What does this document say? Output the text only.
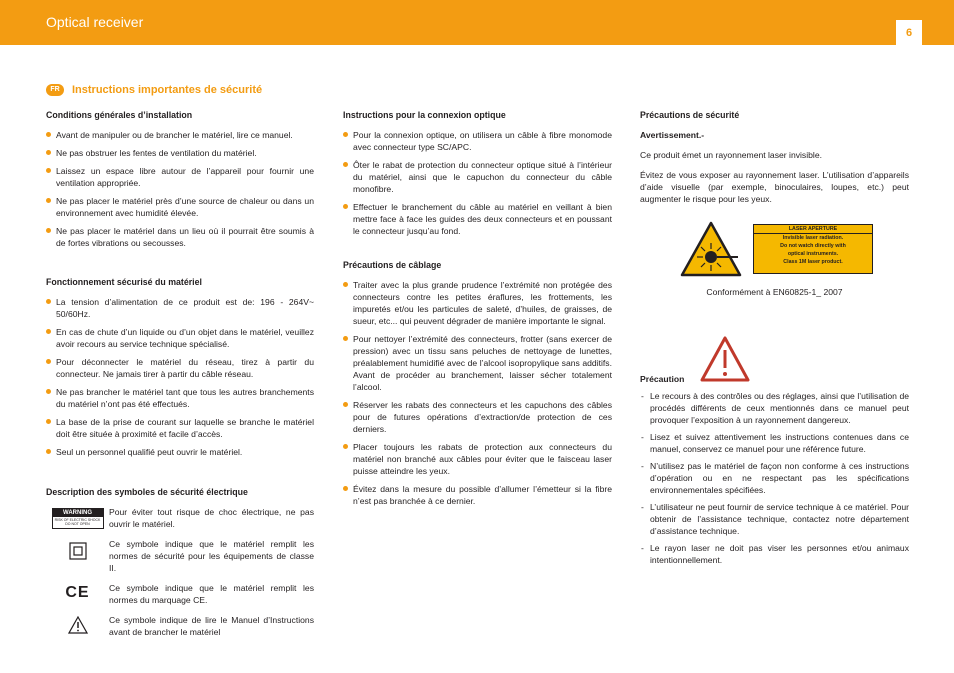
Optical receiver
6
FR	Instructions importantes de sécurité
Conditions générales d’installation
Avant de manipuler ou de brancher le matériel, lire ce manuel.
Ne pas obstruer les fentes de ventilation du matériel.
Laissez un espace libre autour de l’appareil pour fournir une ventilation appropriée.
Ne pas placer le matériel près d’une source de chaleur ou dans un environnement avec humidité élevée.
Ne pas placer le matériel dans un lieu où il pourrait être soumis à de fortes vibrations ou secousses.
Fonctionnement sécurisé du matériel
La tension d’alimentation de ce produit est de: 196 - 264V~ 50/60Hz.
En cas de chute d’un liquide ou d’un objet dans le matériel, veuillez avoir recours au service technique spécialisé.
Pour déconnecter le matériel du réseau, tirez à partir du connecteur. Ne jamais tirer à partir du câble réseau.
Ne pas brancher le matériel tant que tous les autres branchements du matériel n’ont pas été effectués.
La base de la prise de courant sur laquelle se branche le matériel doit être située à proximité et facile d’accès.
Seul un personnel qualifié peut ouvrir le matériel.
Description des symboles de sécurité électrique
WARNING
RISK OF ELECTRIC SHOCK
DO NOT OPEN
Pour éviter tout risque de choc électrique, ne pas ouvrir le matériel.
Ce symbole indique que le matériel remplit les normes de sécurité pour les équipements de classe II.
CE Ce symbole indique que le matériel remplit les normes du marquage CE.
Ce symbole indique de lire le Manuel d’Instructions avant de brancher le matériel
Instructions pour la connexion optique
Pour la connexion optique, on utilisera un câble à fibre monomode avec connecteur type SC/APC.
Ôter le rabat de protection du connecteur optique situé à l’intérieur du matériel, ainsi que le capuchon du connecteur du câble monofibre.
Effectuer le branchement du câble au matériel en veillant à bien mettre face à face les guides des deux connecteurs et en poussant le connecteur jusqu’au fond.
Précautions de câblage
Traiter avec la plus grande prudence l’extrémité non protégée des connecteurs contre les petites éraflures, les frottements, les impuretés et/ou les particules de saleté, d’huiles, de graisses, de sueur, etc... qui peuvent dégrader de manière importante le signal.
Pour nettoyer l’extrémité des connecteurs, frotter (sans exercer de pression) avec un tissu sans peluches de nettoyage de lunettes, préalablement humidifié avec de l’alcool isopropylique sans additifs. Avant de procéder au branchement, laisser sécher totalement l’alcool.
Réserver les rabats des connecteurs et les capuchons des câbles pour de futures opérations d’extraction/de protection de ces derniers.
Placer toujours les rabats de protection aux connecteurs du matériel non branché aux câbles pour éviter que le faisceau laser puisse atteindre les yeux.
Évitez dans la mesure du possible d’allumer l’émetteur si la fibre n’est pas branchée à ce dernier.
Précautions de sécurité
Avertissement.-

Ce produit émet un rayonnement laser invisible.

Évitez de vous exposer au rayonnement laser. L’utilisation d’appareils d’aide visuelle (par exemple, binoculaires, loupes, etc.) peut augmenter le risque pour les yeux.

LASER APERTURE
Invisible laser radiation.
Do not watch directly with
optical instruments.
Class 1M laser product.
Conformément à EN60825-1_ 2007
Précaution
- Le recours à des contrôles ou des réglages, ainsi que l’utilisation de procédés différents de ceux mentionnés dans ce manuel peut provoquer l’exposition à un rayonnement dangereux.
- Lisez et suivez attentivement les instructions contenues dans ce manuel, conservez ce manuel pour une référence future.
- N’utilisez pas le matériel de façon non conforme à ces instructions d’opération ou en ne respectant pas les spécifications environnementales spécifiées.
- L’utilisateur ne peut fournir de service technique à ce matériel. Pour obtenir de l’assistance technique, contactez notre département d’assistance technique.
- Le rayon laser ne doit pas viser les personnes et/ou animaux intentionnellement.
